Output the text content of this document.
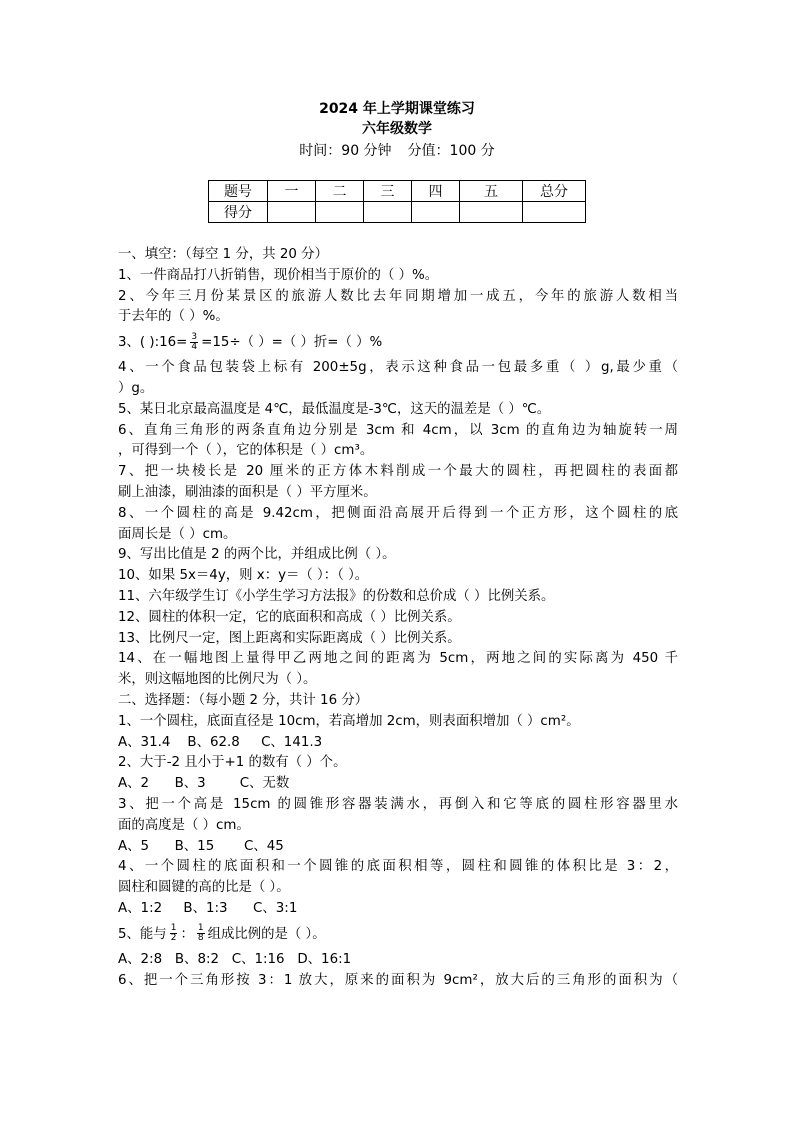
2024 年上学期课堂练习
六年级数学
时间：90 分钟 分值：100 分
题号	一	二	三	四	五	总分
得分						
一、填空：（每空 1 分，共 20 分）
1、一件商品打八折销售，现价相当于原价的（ ）%。
2、今年三月份某景区的旅游人数比去年同期增加一成五，今年的旅游人数相当
于去年的（ ）%。
3、( ):16= $\frac{3}{4} =15\div$（ ）=（ ）折=（ ）%
4、一个食品包装袋上标有 200±5g，表示这种食品一包最多重（ ）g,最少重（
）g。
5、某日北京最高温度是 4℃，最低温度是-3℃，这天的温差是（ ）℃。
6、直角三角形的两条直角边分别是 3cm 和 4cm，以 3cm 的直角边为轴旋转一周
，可得到一个（ ），它的体积是（ ）cm³。
7、把一块棱长是 20 厘米的正方体木料削成一个最大的圆柱，再把圆柱的表面都
刷上油漆，刷油漆的面积是（ ）平方厘米。
8、一个圆柱的高是 9.42cm，把侧面沿高展开后得到一个正方形，这个圆柱的底
面周长是（ ）cm。
9、写出比值是 2 的两个比，并组成比例（ ）。
10、如果 5x＝4y，则 x：y＝（ ）：（ ）。
11、六年级学生订《小学生学习方法报》的份数和总价成（ ）比例关系。
12、圆柱的体积一定，它的底面积和高成（ ）比例关系。
13、比例尺一定，图上距离和实际距离成（ ）比例关系。
14、在一幅地图上量得甲乙两地之间的距离为 5cm，两地之间的实际离为 450 千
米，则这幅地图的比例尺为（ ）。
二、选择题：（每小题 2 分，共计 16 分）
1、一个圆柱，底面直径是 10cm，若高增加 2cm，则表面积增加（ ）cm²。
A、31.4    B、62.8     C、141.3
2、大于-2 且小于+1 的数有（ ）个。
A、2      B、3        C、无数
3、把一个高是 15cm 的圆锥形容器装满水，再倒入和它等底的圆柱形容器里水
面的高度是（ ）cm。
A、5      B、15       C、45
4、一个圆柱的底面积和一个圆锥的底面积相等，圆柱和圆锥的体积比是 3：2，
圆柱和圆键的高的比是（ ）。
A、1:2     B、1:3      C、3:1
5、能与 $\frac{1}{2}$ ： $\frac{1}{8}$ 组成比例的是（ ）。
A、2:8   B、8:2   C、1:16   D、16:1
6、把一个三角形按 3：1 放大，原来的面积为 9cm²，放大后的三角形的面积为（
